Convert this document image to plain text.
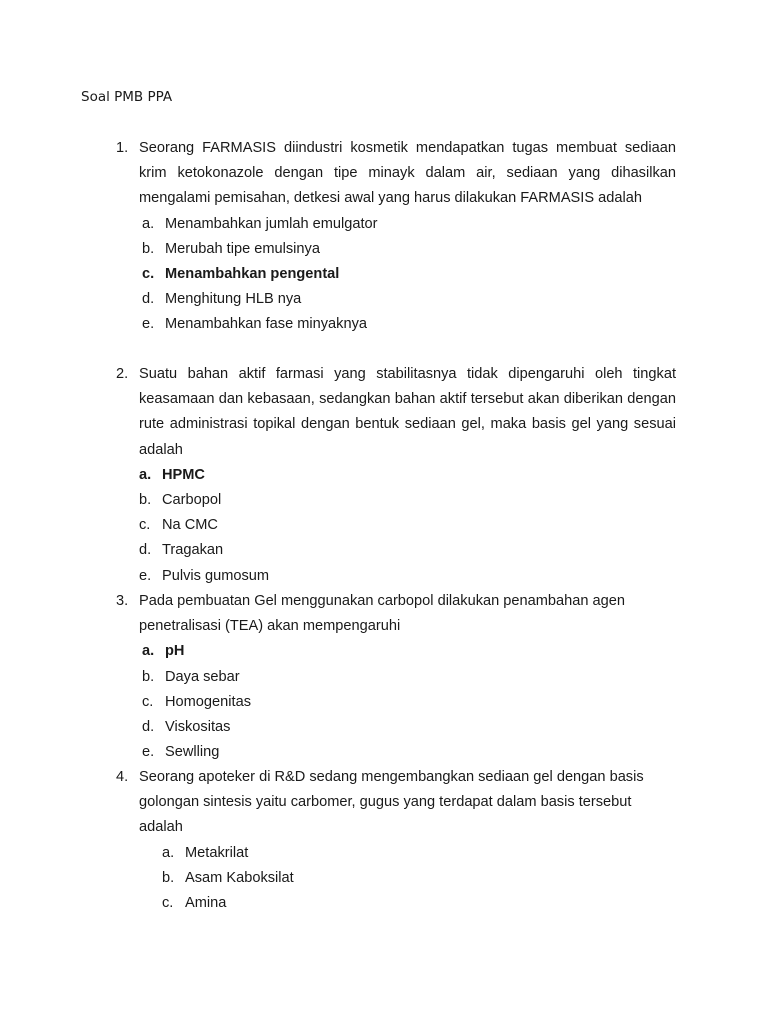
Soal PMB PPA
1. Seorang FARMASIS diindustri kosmetik mendapatkan tugas membuat sediaan krim ketokonazole dengan tipe minayk dalam air, sediaan yang dihasilkan mengalami pemisahan, detkesi awal yang harus dilakukan FARMASIS adalah
a. Menambahkan jumlah emulgator
b. Merubah tipe emulsinya
c. Menambahkan pengental
d. Menghitung HLB nya
e. Menambahkan fase minyaknya
2. Suatu bahan aktif farmasi yang stabilitasnya tidak dipengaruhi oleh tingkat keasamaan dan kebasaan, sedangkan bahan aktif tersebut akan diberikan dengan rute administrasi topikal dengan bentuk sediaan gel, maka basis gel yang sesuai adalah
a. HPMC
b. Carbopol
c. Na CMC
d. Tragakan
e. Pulvis gumosum
3. Pada pembuatan Gel menggunakan carbopol dilakukan penambahan agen penetralisasi (TEA) akan mempengaruhi
a. pH
b. Daya sebar
c. Homogenitas
d. Viskositas
e. Sewlling
4. Seorang apoteker di R&D sedang mengembangkan sediaan gel dengan basis golongan sintesis yaitu carbomer, gugus yang terdapat dalam basis tersebut adalah
a. Metakrilat
b. Asam Kaboksilat
c. Amina
